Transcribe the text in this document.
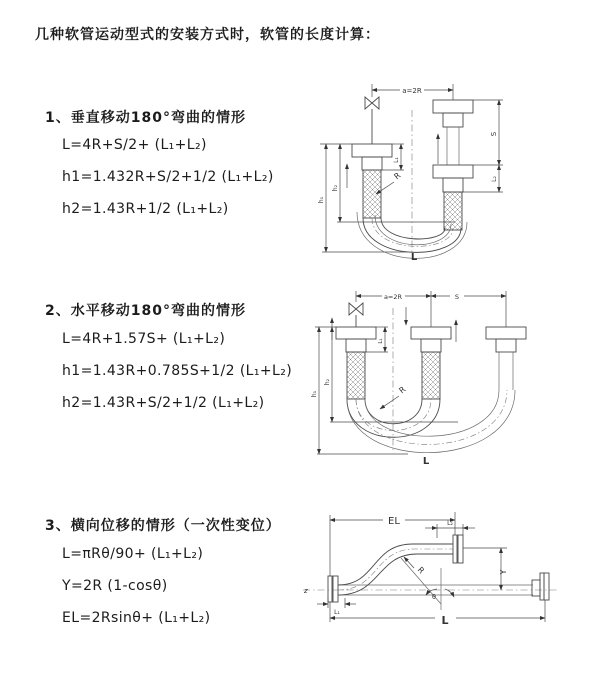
几种软管运动型式的安装方式时，软管的长度计算：
1、垂直移动180°弯曲的情形
L=4R+S/2+ (L₁+L₂)
h1=1.432R+S/2+1/2 (L₁+L₂)
h2=1.43R+1/2 (L₁+L₂)
2、水平移动180°弯曲的情形
L=4R+1.57S+ (L₁+L₂)
h1=1.43R+0.785S+1/2 (L₁+L₂)
h2=1.43R+S/2+1/2 (L₁+L₂)
3、横向位移的情形（一次性变位）
L=πRθ/90+ (L₁+L₂)
Y=2R (1-cosθ)
EL=2Rsinθ+ (L₁+L₂)
a=2R
L₁
S
L₂
h₁
h₂
R
L
a=2R	S
L₁
h₁
h₂
R
L
z
EL	L₂
Y
θ
R
L₁
L
